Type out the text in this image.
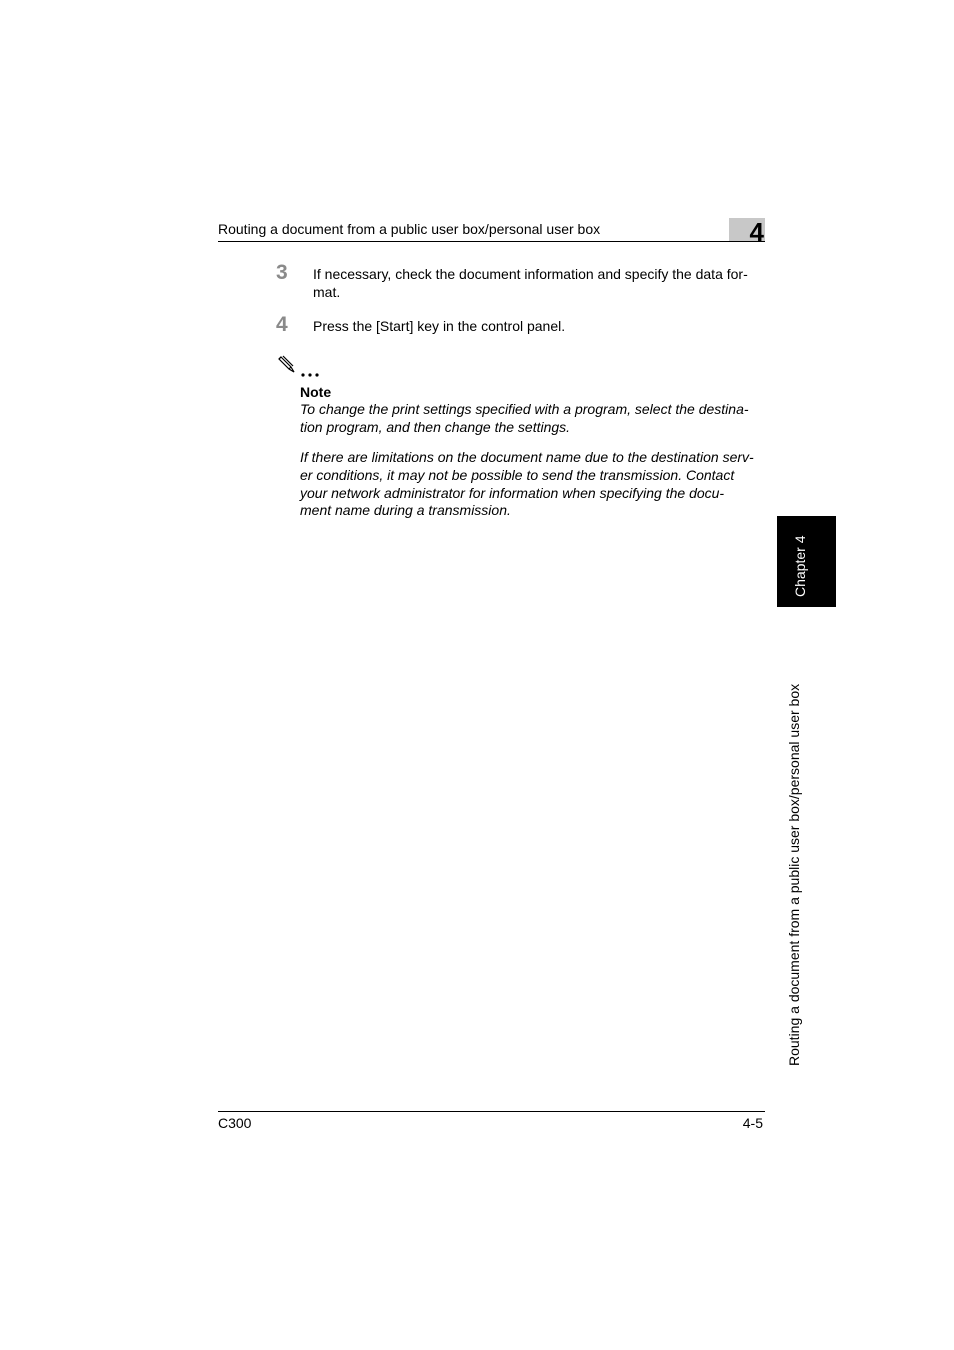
Routing a document from a public user box/personal user box	4
3 If necessary, check the document information and specify the data for-
mat.
4 Press the [Start] key in the control panel.
Note
To change the print settings specified with a program, select the destina-
tion program, and then change the settings.
If there are limitations on the document name due to the destination serv-
er conditions, it may not be possible to send the transmission. Contact
your network administrator for information when specifying the docu-
ment name during a transmission.
Chapter 4
Routing a document from a public user box/personal user box
C300	4-5
